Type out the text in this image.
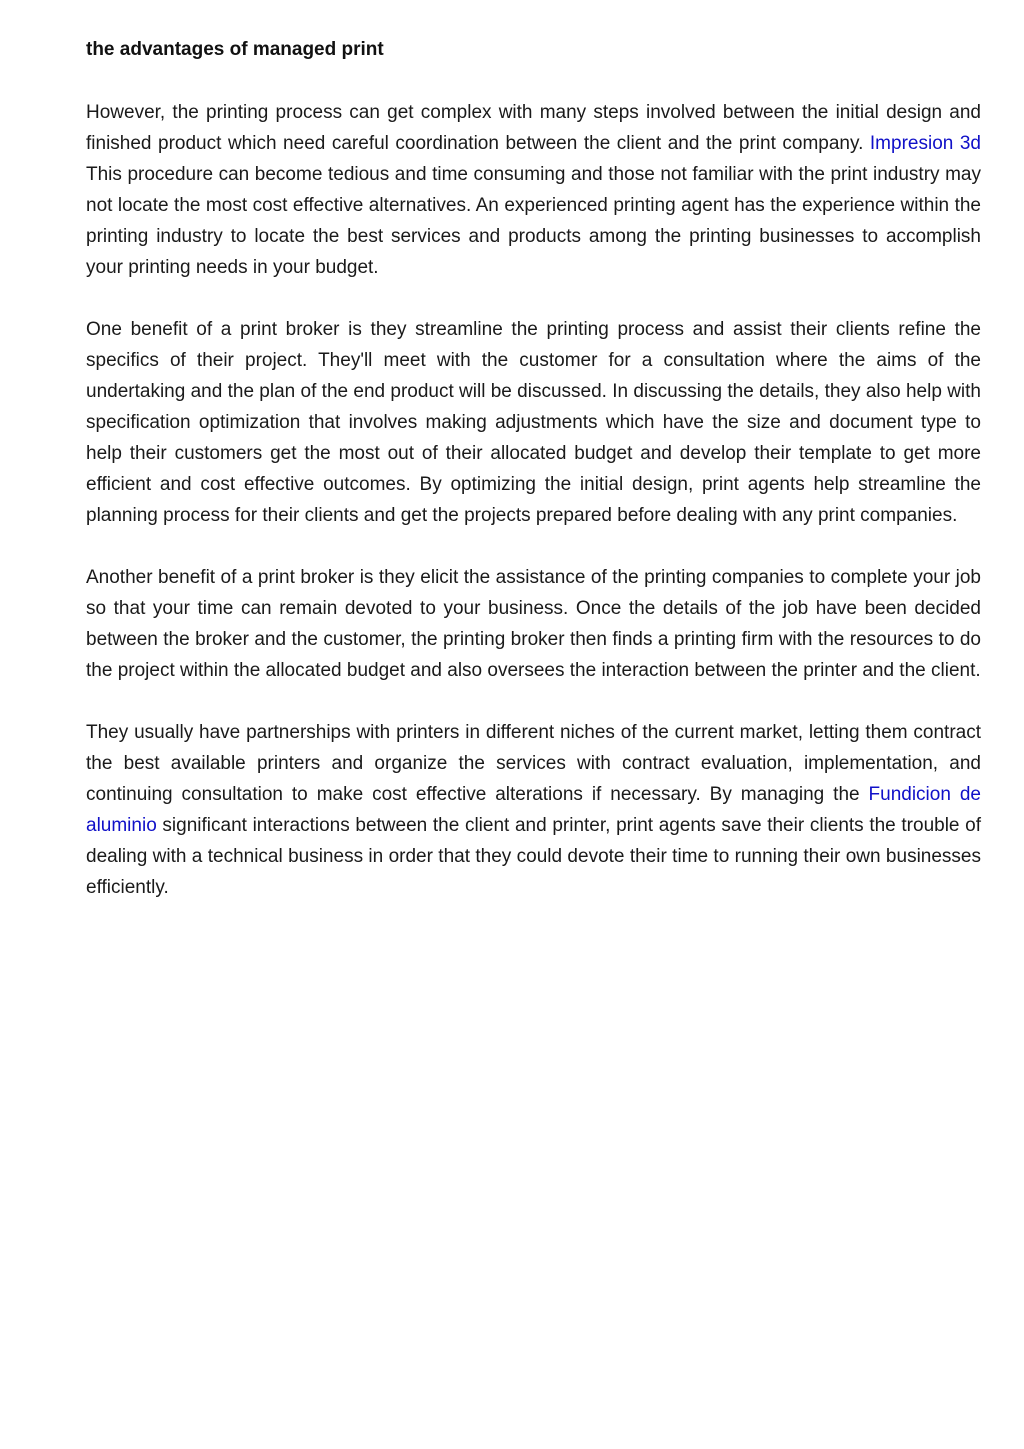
the advantages of managed print

However, the printing process can get complex with many steps involved between the initial design and finished product which need careful coordination between the client and the print company. Impresion 3d This procedure can become tedious and time consuming and those not familiar with the print industry may not locate the most cost effective alternatives. An experienced printing agent has the experience within the printing industry to locate the best services and products among the printing businesses to accomplish your printing needs in your budget.

One benefit of a print broker is they streamline the printing process and assist their clients refine the specifics of their project. They'll meet with the customer for a consultation where the aims of the undertaking and the plan of the end product will be discussed. In discussing the details, they also help with specification optimization that involves making adjustments which have the size and document type to help their customers get the most out of their allocated budget and develop their template to get more efficient and cost effective outcomes. By optimizing the initial design, print agents help streamline the planning process for their clients and get the projects prepared before dealing with any print companies.

Another benefit of a print broker is they elicit the assistance of the printing companies to complete your job so that your time can remain devoted to your business. Once the details of the job have been decided between the broker and the customer, the printing broker then finds a printing firm with the resources to do the project within the allocated budget and also oversees the interaction between the printer and the client.

They usually have partnerships with printers in different niches of the current market, letting them contract the best available printers and organize the services with contract evaluation, implementation, and continuing consultation to make cost effective alterations if necessary. By managing the Fundicion de aluminio significant interactions between the client and printer, print agents save their clients the trouble of dealing with a technical business in order that they could devote their time to running their own businesses efficiently.
